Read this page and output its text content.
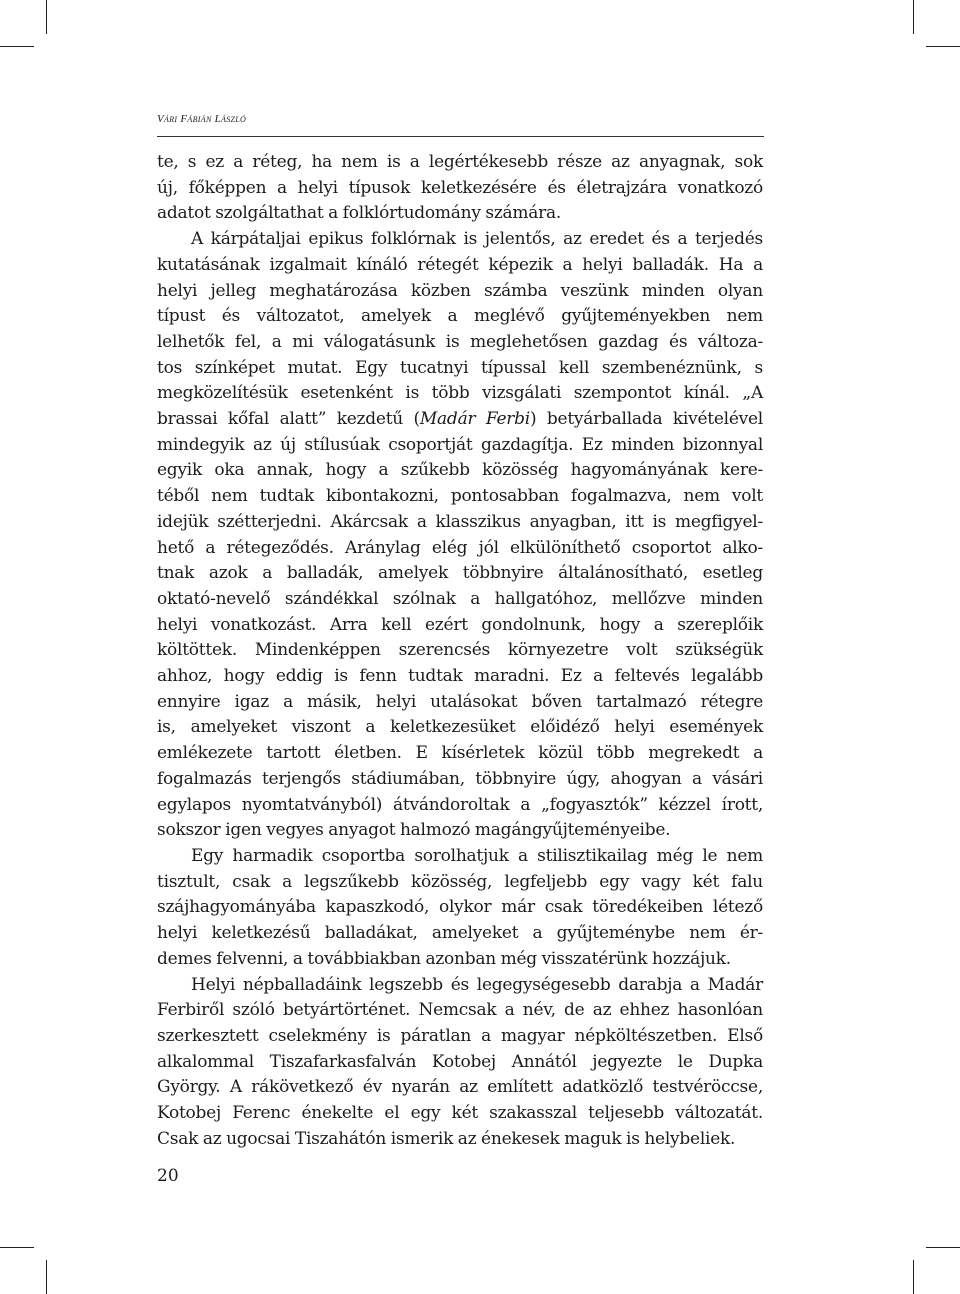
Vári Fábián László

te, s ez a réteg, ha nem is a legértékesebb része az anyagnak, sok

új, főképpen a helyi típusok keletkezésére és életrajzára vonatkozó

adatot szolgáltathat a folklórtudomány számára.

A kárpátaljai epikus folklórnak is jelentős, az eredet és a terjedés

kutatásának izgalmait kínáló rétegét képezik a helyi balladák. Ha a

helyi jelleg meghatározása közben számba veszünk minden olyan

típust és változatot, amelyek a meglévő gyűjteményekben nem

lelhetők fel, a mi válogatásunk is meglehetősen gazdag és változa-

tos színképet mutat. Egy tucatnyi típussal kell szembenéznünk, s

megközelítésük esetenként is több vizsgálati szempontot kínál. „A

brassai kőfal alatt” kezdetű (Madár Ferbi) betyárballada kivételével

mindegyik az új stílusúak csoportját gazdagítja. Ez minden bizonnyal

egyik oka annak, hogy a szűkebb közösség hagyományának kere-

téből nem tudtak kibontakozni, pontosabban fogalmazva, nem volt

idejük szétterjedni. Akárcsak a klasszikus anyagban, itt is megfigyel-

hető a rétegeződés. Aránylag elég jól elkülöníthető csoportot alko-

tnak azok a balladák, amelyek többnyire általánosítható, esetleg

oktató-nevelő szándékkal szólnak a hallgatóhoz, mellőzve minden

helyi vonatkozást. Arra kell ezért gondolnunk, hogy a szereplőik

költöttek. Mindenképpen szerencsés környezetre volt szükségük

ahhoz, hogy eddig is fenn tudtak maradni. Ez a feltevés legalább

ennyire igaz a másik, helyi utalásokat bőven tartalmazó rétegre

is, amelyeket viszont a keletkezesüket előidéző helyi események

emlékezete tartott életben. E kísérletek közül több megrekedt a

fogalmazás terjengős stádiumában, többnyire úgy, ahogyan a vásári

egylapos nyomtatványból) átvándoroltak a „fogyasztók” kézzel írott,

sokszor igen vegyes anyagot halmozó magángyűjteményeibe.

Egy harmadik csoportba sorolhatjuk a stilisztikailag még le nem

tisztult, csak a legszűkebb közösség, legfeljebb egy vagy két falu

szájhagyományába kapaszkodó, olykor már csak töredékeiben létező

helyi keletkezésű balladákat, amelyeket a gyűjteménybe nem ér-

demes felvenni, a továbbiakban azonban még visszatérünk hozzájuk.

Helyi népballadáink legszebb és legegységesebb darabja a Madár

Ferbiről szóló betyártörténet. Nemcsak a név, de az ehhez hasonlóan

szerkesztett cselekmény is páratlan a magyar népköltészetben. Első

alkalommal Tiszafarkasfalván Kotobej Annától jegyezte le Dupka

György. A rákövetkező év nyarán az említett adatközlő testvéröccse,

Kotobej Ferenc énekelte el egy két szakasszal teljesebb változatát.

Csak az ugocsai Tiszahátón ismerik az énekesek maguk is helybeliek.

20
